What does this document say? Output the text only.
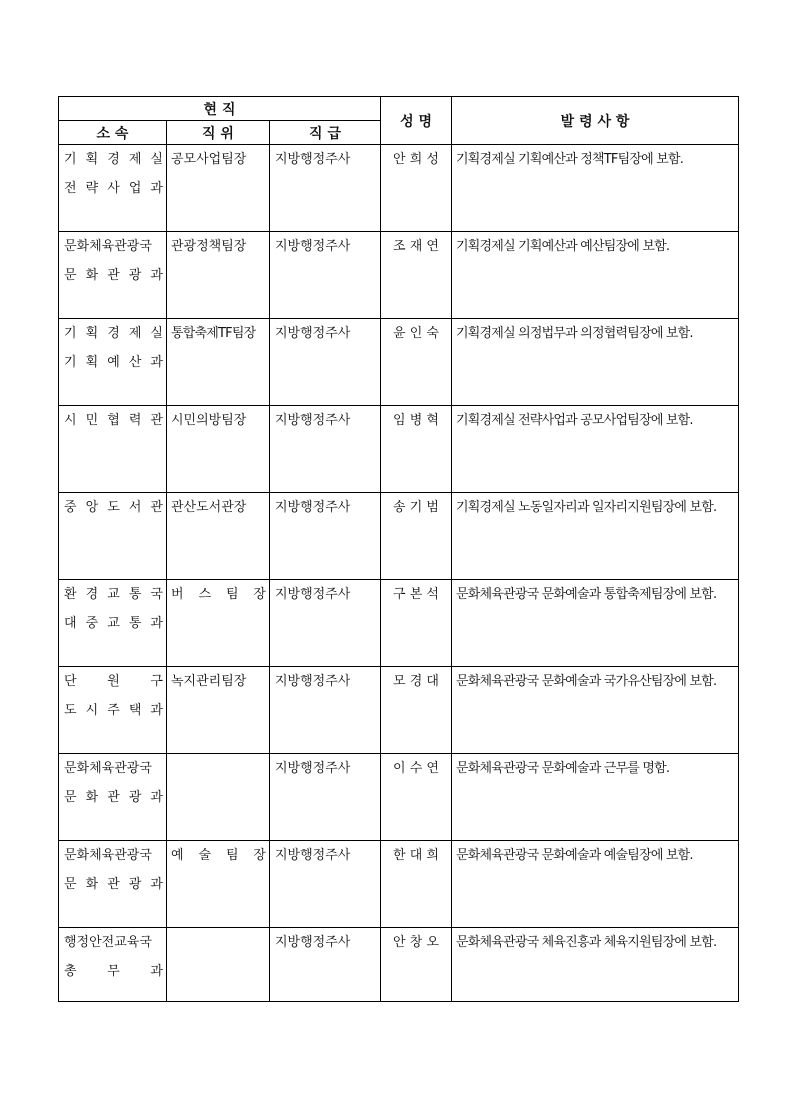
현 직			성 명	발 령 사 항
소 속	직 위	직 급		

기 획 경 제 실
전 략 사 업 과	공모사업팀장	지방행정주사	안 희 성	기획경제실 기획예산과 정책TF팀장에 보함.

문화체육관광국
문 화 관 광 과	관광정책팀장	지방행정주사	조 재 연	기획경제실 기획예산과 예산팀장에 보함.

기 획 경 제 실
기 획 예 산 과	통합축제TF팀장	지방행정주사	윤 인 숙	기획경제실 의정법무과 의정협력팀장에 보함.

시 민 협 력 관	시민의방팀장	지방행정주사	임 병 혁	기획경제실 전략사업과 공모사업팀장에 보함.

중 앙 도 서 관	관산도서관장	지방행정주사	송 기 범	기획경제실 노동일자리과 일자리지원팀장에 보함.

환 경 교 통 국
대 중 교 통 과	버 스 팀 장	지방행정주사	구 본 석	문화체육관광국 문화예술과 통합축제팀장에 보함.

단 원 구
도 시 주 택 과	녹지관리팀장	지방행정주사	모 경 대	문화체육관광국 문화예술과 국가유산팀장에 보함.

문화체육관광국
문 화 관 광 과		지방행정주사	이 수 연	문화체육관광국 문화예술과 근무를 명함.

문화체육관광국
문 화 관 광 과	예 술 팀 장	지방행정주사	한 대 희	문화체육관광국 문화예술과 예술팀장에 보함.

행정안전교육국
총 무 과		지방행정주사	안 창 오	문화체육관광국 체육진흥과 체육지원팀장에 보함.
